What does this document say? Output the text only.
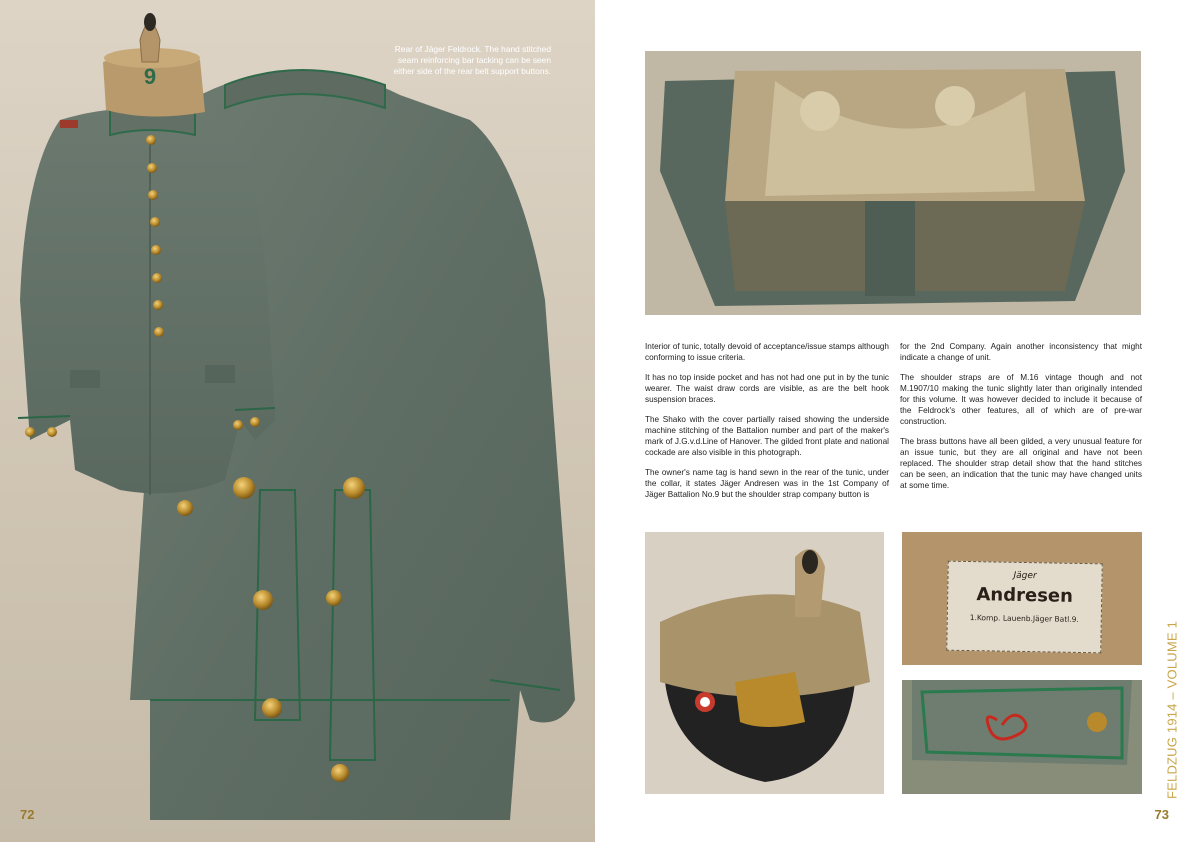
9
Rear of Jäger Feldrock. The hand stitched seam reinforcing bar tacking can be seen either side of the rear belt support buttons.
72

Interior of tunic, totally devoid of acceptance/issue stamps although conforming to issue criteria.

It has no top inside pocket and has not had one put in by the tunic wearer. The waist draw cords are visible, as are the belt hook suspension braces.

The Shako with the cover partially raised showing the underside machine stitching of the Battalion number and part of the maker's mark of J.G.v.d.Line of Hanover. The gilded front plate and national cockade are also visible in this photograph.

The owner's name tag is hand sewn in the rear of the tunic, under the collar, it states Jäger Andresen was in the 1st Company of Jäger Battalion No.9 but the shoulder strap company button is

for the 2nd Company. Again another inconsistency that might indicate a change of unit.

The shoulder straps are of M.16 vintage though and not M.1907/10 making the tunic slightly later than originally intended for this volume. It was however decided to include it because of the Feldrock's other features, all of which are of pre-war construction.

The brass buttons have all been gilded, a very unusual feature for an issue tunic, but they are all original and have not been replaced. The shoulder strap detail show that the hand stitches can be seen, an indication that the tunic may have changed units at some time.

Jäger
Andresen
1.Komp. Lauenb.Jäger Batl.9.
FELDZUG 1914 – VOLUME 1
73
